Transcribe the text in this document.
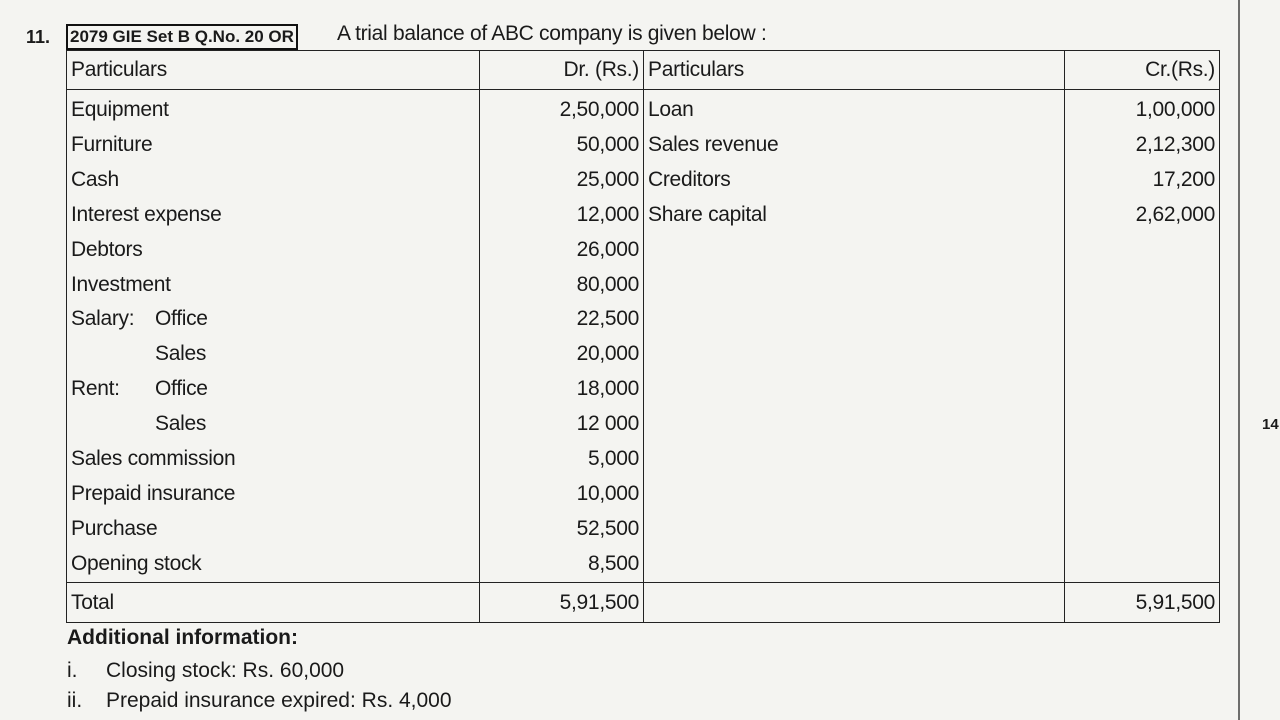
11. 2079 GIE Set B Q.No. 20 OR A trial balance of ABC company is given below :
Particulars	Dr. (Rs.)	Particulars	Cr.(Rs.)
Equipment	2,50,000	Loan	1,00,000
Furniture	50,000	Sales revenue	2,12,300
Cash	25,000	Creditors	17,200
Interest expense	12,000	Share capital	2,62,000
Debtors	26,000		
Investment	80,000		
Salary: Office	22,500		
Sales	20,000		
Rent: Office	18,000		
Sales	12 000		
Sales commission	5,000		
Prepaid insurance	10,000		
Purchase	52,500		
Opening stock	8,500		
Total	5,91,500		5,91,500
Additional information:
i. Closing stock: Rs. 60,000
ii. Prepaid insurance expired: Rs. 4,000
14
